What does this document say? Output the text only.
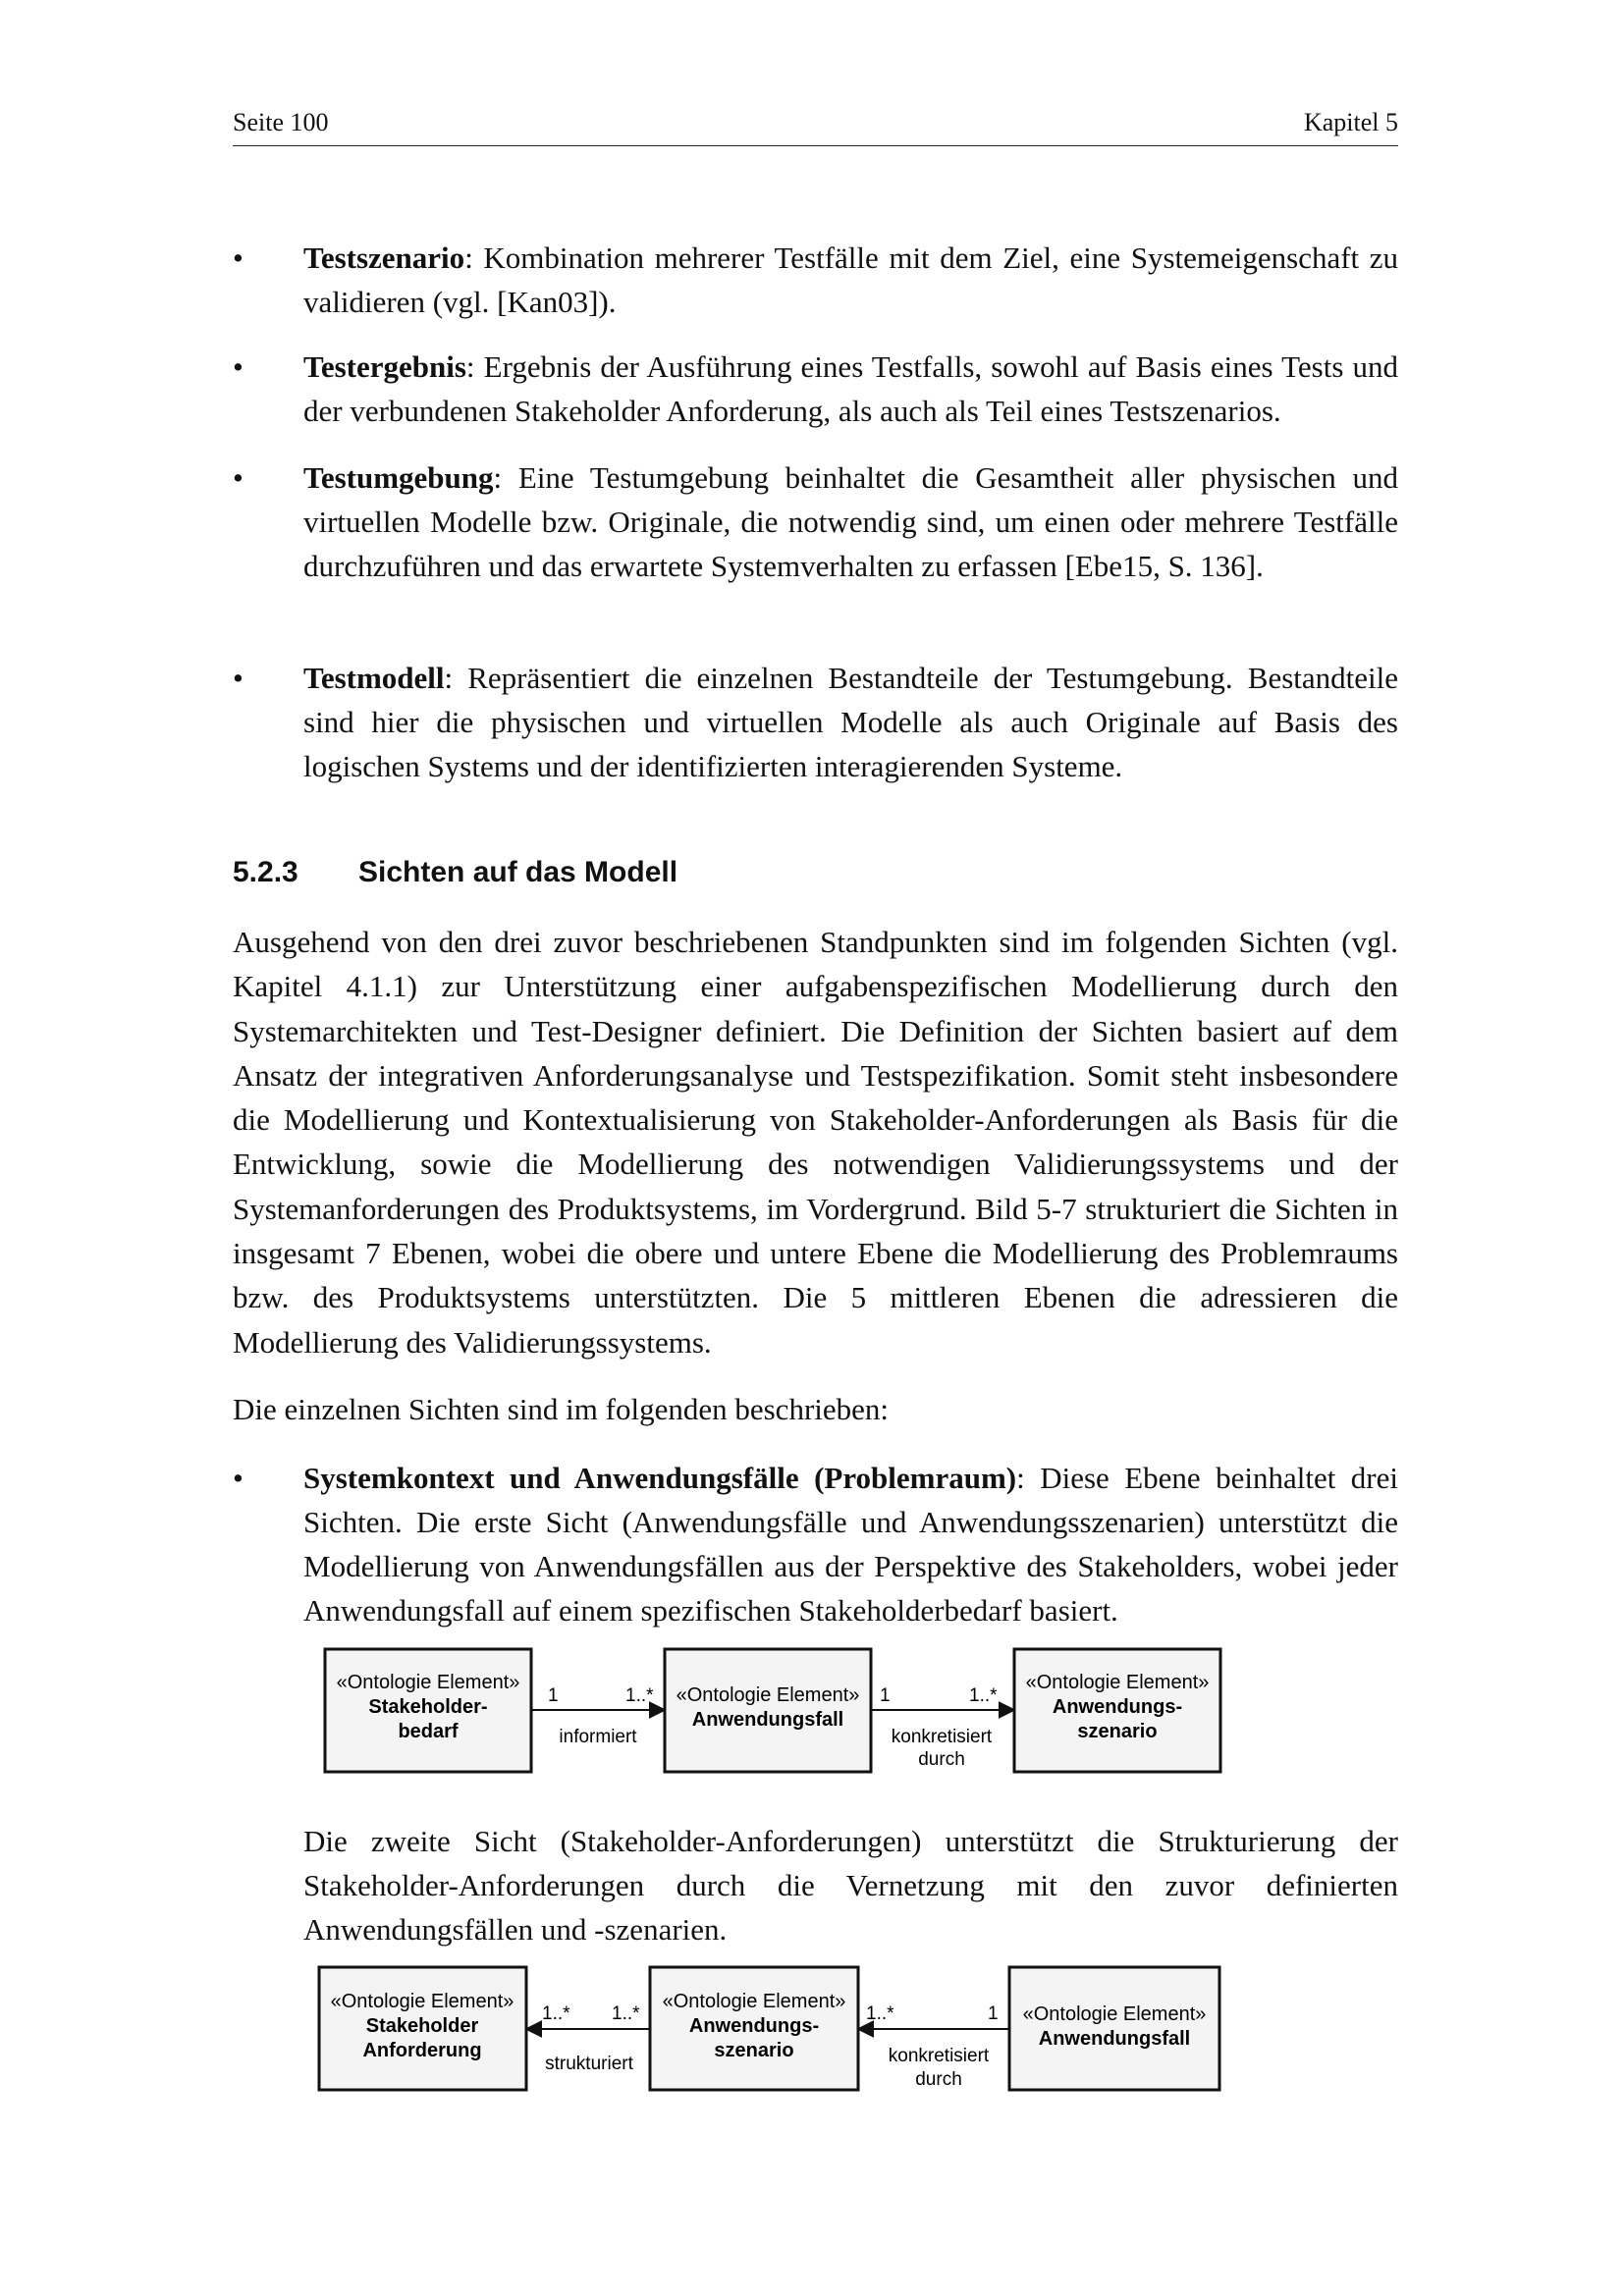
Seite 100	Kapitel 5
• Testszenario: Kombination mehrerer Testfälle mit dem Ziel, eine Systemeigenschaft zu validieren (vgl. [Kan03]).
• Testergebnis: Ergebnis der Ausführung eines Testfalls, sowohl auf Basis eines Tests und der verbundenen Stakeholder Anforderung, als auch als Teil eines Testszenarios.
• Testumgebung: Eine Testumgebung beinhaltet die Gesamtheit aller physischen und virtuellen Modelle bzw. Originale, die notwendig sind, um einen oder mehrere Testfälle durchzuführen und das erwartete Systemverhalten zu erfassen [Ebe15, S. 136].
• Testmodell: Repräsentiert die einzelnen Bestandteile der Testumgebung. Bestandteile sind hier die physischen und virtuellen Modelle als auch Originale auf Basis des logischen Systems und der identifizierten interagierenden Systeme.
5.2.3 Sichten auf das Modell
Ausgehend von den drei zuvor beschriebenen Standpunkten sind im folgenden Sichten (vgl. Kapitel 4.1.1) zur Unterstützung einer aufgabenspezifischen Modellierung durch den Systemarchitekten und Test-Designer definiert. Die Definition der Sichten basiert auf dem Ansatz der integrativen Anforderungsanalyse und Testspezifikation. Somit steht insbesondere die Modellierung und Kontextualisierung von Stakeholder-Anforderungen als Basis für die Entwicklung, sowie die Modellierung des notwendigen Validierungssystems und der Systemanforderungen des Produktsystems, im Vordergrund. Bild 5-7 strukturiert die Sichten in insgesamt 7 Ebenen, wobei die obere und untere Ebene die Modellierung des Problemraums bzw. des Produktsystems unterstützten. Die 5 mittleren Ebenen die adressieren die Modellierung des Validierungssystems.
Die einzelnen Sichten sind im folgenden beschrieben:
• Systemkontext und Anwendungsfälle (Problemraum): Diese Ebene beinhaltet drei Sichten. Die erste Sicht (Anwendungsfälle und Anwendungsszenarien) unterstützt die Modellierung von Anwendungsfällen aus der Perspektive des Stakeholders, wobei jeder Anwendungsfall auf einem spezifischen Stakeholderbedarf basiert.
Die zweite Sicht (Stakeholder-Anforderungen) unterstützt die Strukturierung der Stakeholder-Anforderungen durch die Vernetzung mit den zuvor definierten Anwendungsfällen und -szenarien.
«Ontologie Element»
Stakeholder-
bedarf
«Ontologie Element»
Anwendungsfall
«Ontologie Element»
Anwendungs-
szenario
1	1..*
informiert
1	1..*
konkretisiert
durch
«Ontologie Element»
Stakeholder
Anforderung
«Ontologie Element»
Anwendungs-
szenario
«Ontologie Element»
Anwendungsfall
1..* 1..*
strukturiert
1..*	1
konkretisiert
durch
